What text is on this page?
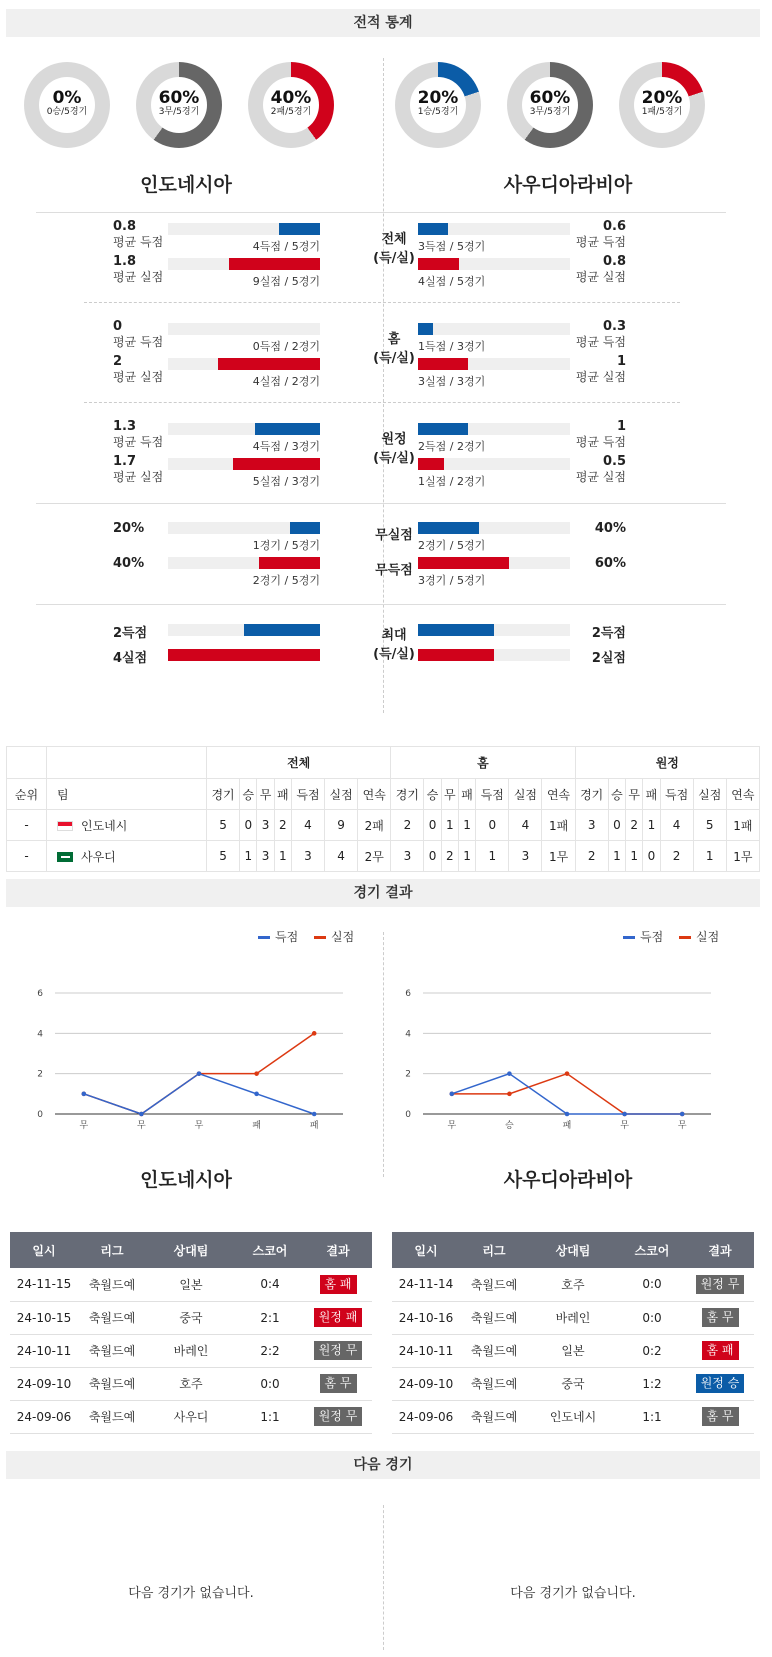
전적 통계
0%
0승/5경기
60%
3무/5경기
40%
2패/5경기
20%
1승/5경기
60%
3무/5경기
20%
1패/5경기
인도네시아	사우디아라비아
0.8
평균 득점
1.8
평균 실점
4득점 / 5경기
9실점 / 5경기
전체
(득/실)
3득점 / 5경기
4실점 / 5경기
0.6
평균 득점
0.8
평균 실점
0
평균 득점
2
평균 실점
0득점 / 2경기
4실점 / 2경기
홈
(득/실)
1득점 / 3경기
3실점 / 3경기
0.3
평균 득점
1
평균 실점
1.3
평균 득점
1.7
평균 실점
4득점 / 3경기
5실점 / 3경기
원정
(득/실)
2득점 / 2경기
1실점 / 2경기
1
평균 득점
0.5
평균 실점
20%
1경기 / 5경기
무실점
2경기 / 5경기
40%
40%
2경기 / 5경기
무득점
3경기 / 5경기
60%
2득점
4실점
최대
(득/실)
2득점
2실점
		전체							홈							원정						
순위	팀	경기	승	무	패	득점	실점	연속	경기	승	무	패	득점	실점	연속	경기	승	무	패	득점	실점	연속
-	인도네시	5	0	3	2	4	9	2패	2	0	1	1	0	4	1패	3	0	2	1	4	5	1패
-	사우디	5	1	3	1	3	4	2무	3	0	2	1	1	3	1무	2	1	1	0	2	1	1무
경기 결과
득점	실점	득점	실점
0
2
4
6
무	무	무	패	패
0
2
4
6
무	승	패	무	무
인도네시아	사우디아라비아
일시	리그	상대팀	스코어	결과
24-11-15	축월드예	일본	0:4	홈 패
24-10-15	축월드예	중국	2:1	원정 패
24-10-11	축월드예	바레인	2:2	원정 무
24-09-10	축월드예	호주	0:0	홈 무
24-09-06	축월드예	사우디	1:1	원정 무
일시	리그	상대팀	스코어	결과
24-11-14	축월드예	호주	0:0	원정 무
24-10-16	축월드예	바레인	0:0	홈 무
24-10-11	축월드예	일본	0:2	홈 패
24-09-10	축월드예	중국	1:2	원정 승
24-09-06	축월드예	인도네시	1:1	홈 무
다음 경기
다음 경기가 없습니다.	다음 경기가 없습니다.
